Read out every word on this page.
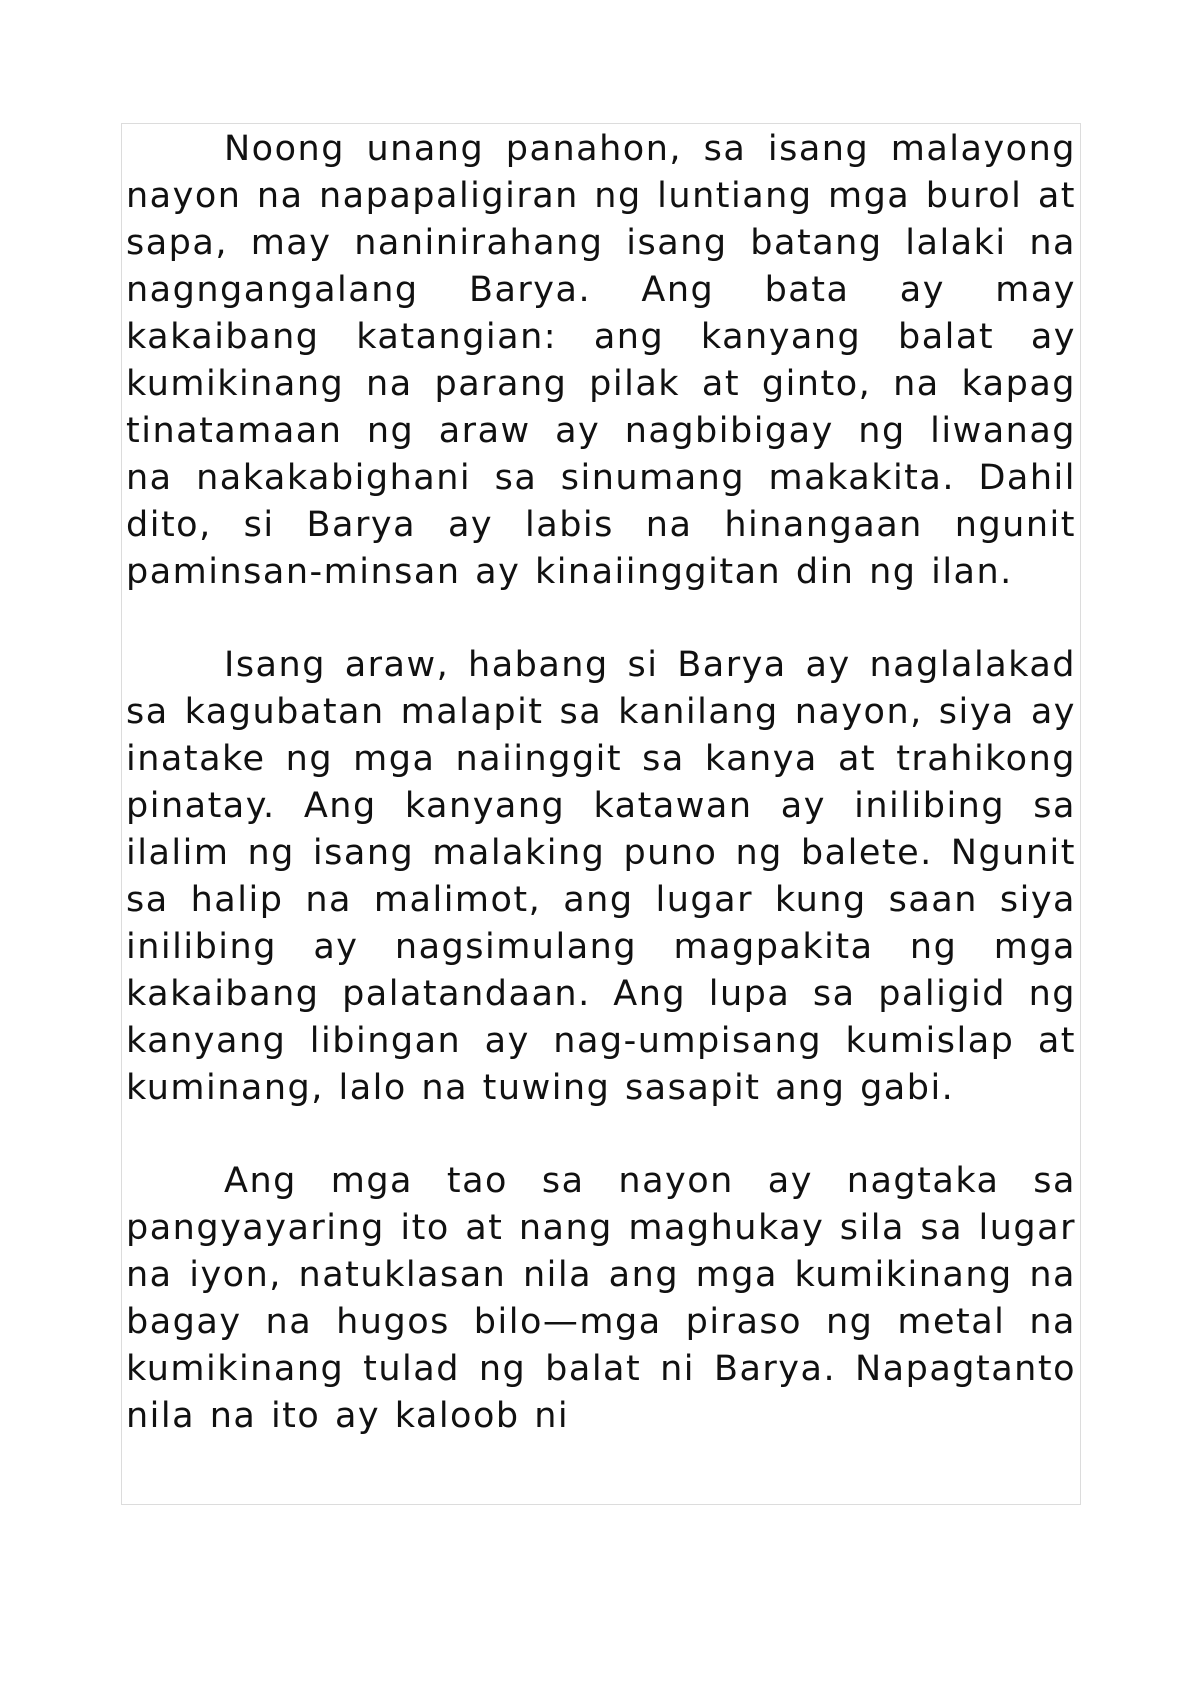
Noong unang panahon, sa isang malayong nayon na napapaligiran ng luntiang mga burol at sapa, may naninirahang isang batang lalaki na nagngangalang Barya. Ang bata ay may kakaibang katangian: ang kanyang balat ay kumikinang na parang pilak at ginto, na kapag tinatamaan ng araw ay nagbibigay ng liwanag na nakakabighani sa sinumang makakita. Dahil dito, si Barya ay labis na hinangaan ngunit paminsan-minsan ay kinaiinggitan din ng ilan.

Isang araw, habang si Barya ay naglalakad sa kagubatan malapit sa kanilang nayon, siya ay inatake ng mga naiinggit sa kanya at trahikong pinatay. Ang kanyang katawan ay inilibing sa ilalim ng isang malaking puno ng balete. Ngunit sa halip na malimot, ang lugar kung saan siya inilibing ay nagsimulang magpakita ng mga kakaibang palatandaan. Ang lupa sa paligid ng kanyang libingan ay nag-umpisang kumislap at kuminang, lalo na tuwing sasapit ang gabi.

Ang mga tao sa nayon ay nagtaka sa pangyayaring ito at nang maghukay sila sa lugar na iyon, natuklasan nila ang mga kumikinang na bagay na hugos bilo—mga piraso ng metal na kumikinang tulad ng balat ni Barya. Napagtanto nila na ito ay kaloob ni
